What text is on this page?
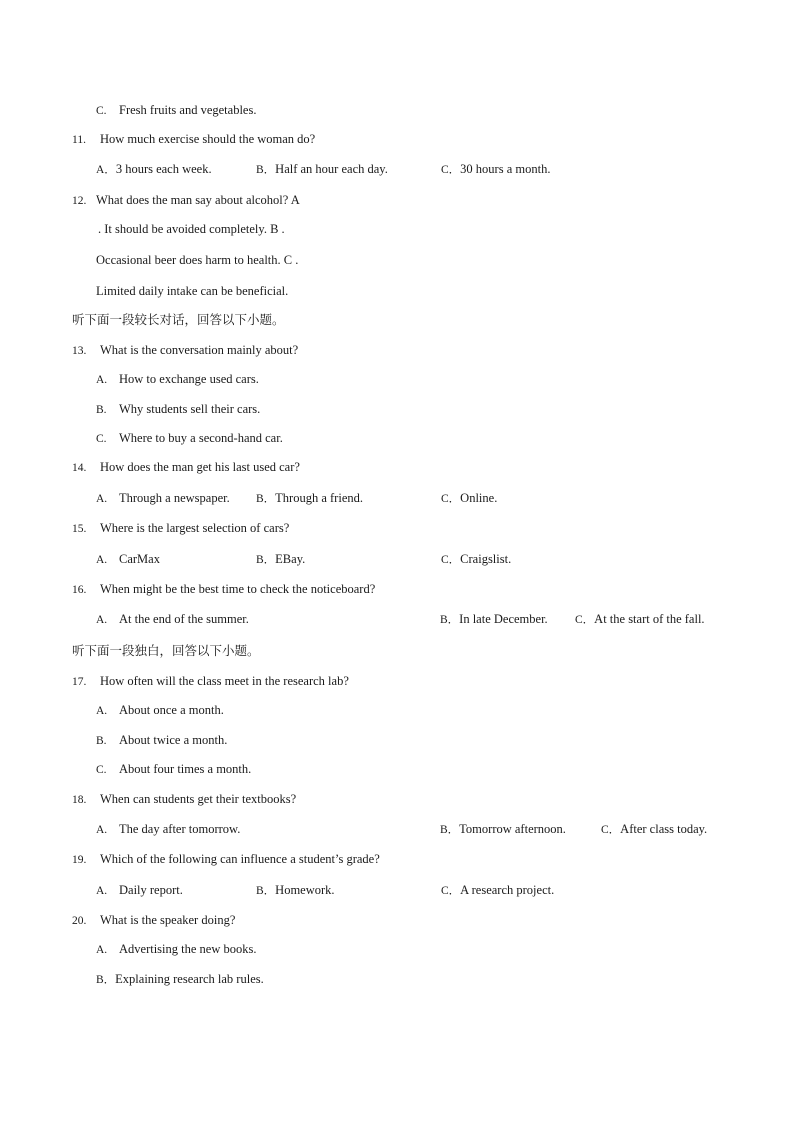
C. Fresh fruits and vegetables.
11. How much exercise should the woman do?
A．3 hours each week.	B．Half an hour each day.	C．30 hours a month.
12. What does the man say about alcohol? A
. It should be avoided completely. B .
Occasional beer does harm to health. C .
Limited daily intake can be beneficial.
听下面一段较长对话，回答以下小题。
13. What is the conversation mainly about?
A. How to exchange used cars.
B. Why students sell their cars.
C. Where to buy a second-hand car.
14. How does the man get his last used car?
A. Through a newspaper. B．Through a friend.	C．Online.
15. Where is the largest selection of cars?
A. CarMax	B．EBay.	C．Craigslist.
16. When might be the best time to check the noticeboard?
A. At the end of the summer.	B．In late December. C．At the start of the fall.
听下面一段独白，回答以下小题。
17. How often will the class meet in the research lab?
A. About once a month.
B. About twice a month.
C. About four times a month.
18. When can students get their textbooks?
A. The day after tomorrow.	B．Tomorrow afternoon.	C．After class today.
19. Which of the following can influence a student’s grade?
A. Daily report.	B．Homework.	C．A research project.
20. What is the speaker doing?
A. Advertising the new books.
B．Explaining research lab rules.
